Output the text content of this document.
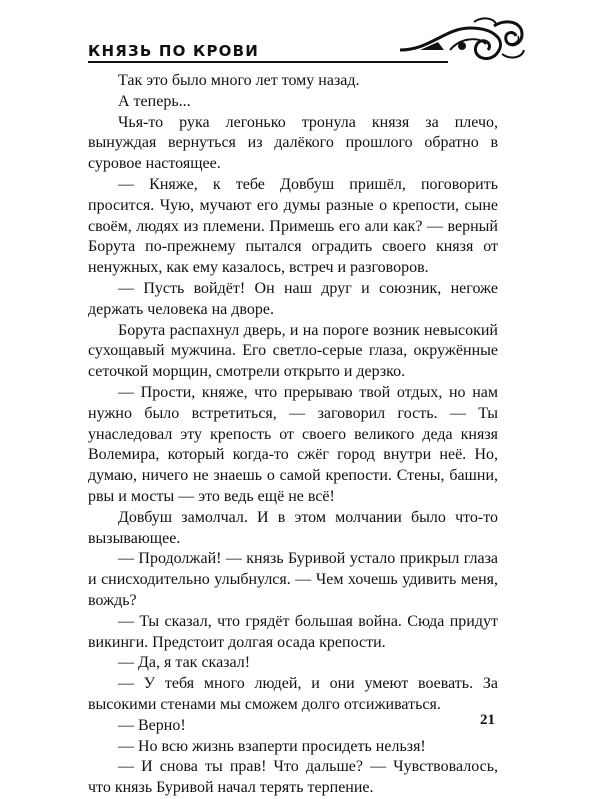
КНЯЗЬ ПО КРОВИ

Так это было много лет тому назад.

А теперь...

Чья-то рука легонько тронула князя за плечо, вынуждая вернуться из далёкого прошлого обратно в суровое настоящее.

— Княже, к тебе Довбуш пришёл, поговорить просится. Чую, мучают его думы разные о крепости, сыне своём, людях из племени. Примешь его али как? — верный Борута по-прежнему пытался оградить своего князя от ненужных, как ему казалось, встреч и разговоров.

— Пусть войдёт! Он наш друг и союзник, негоже держать человека на дворе.

Борута распахнул дверь, и на пороге возник невысокий сухощавый мужчина. Его светло-серые глаза, окружённые сеточкой морщин, смотрели открыто и дерзко.

— Прости, княже, что прерываю твой отдых, но нам нужно было встретиться, — заговорил гость. — Ты унаследовал эту крепость от своего великого деда князя Волемира, который когда-то сжёг город внутри неё. Но, думаю, ничего не знаешь о самой крепости. Стены, башни, рвы и мосты — это ведь ещё не всё!

Довбуш замолчал. И в этом молчании было что-то вызывающее.

— Продолжай! — князь Буривой устало прикрыл глаза и снисходительно улыбнулся. — Чем хочешь удивить меня, вождь?

— Ты сказал, что грядёт большая война. Сюда придут викинги. Предстоит долгая осада крепости.

— Да, я так сказал!

— У тебя много людей, и они умеют воевать. За высокими стенами мы сможем долго отсиживаться.

— Верно!

— Но всю жизнь взаперти просидеть нельзя!

— И снова ты прав! Что дальше? — Чувствовалось, что князь Буривой начал терять терпение.

21
